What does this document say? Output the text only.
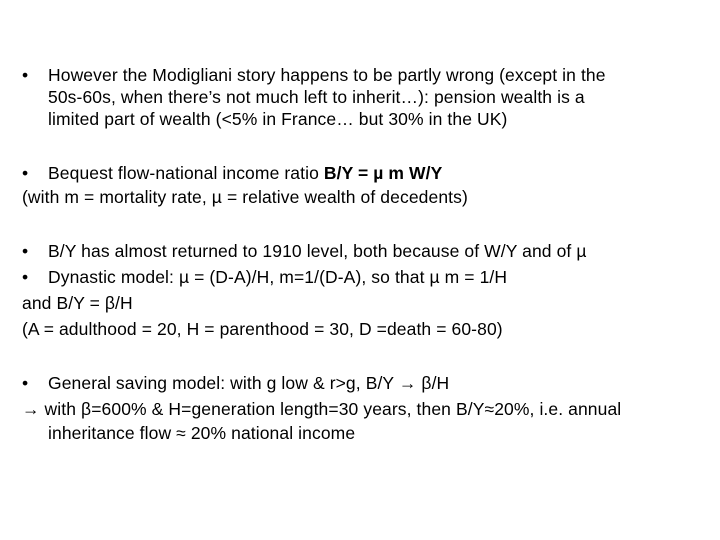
• However the Modigliani story happens to be partly wrong (except in the
50s-60s, when there’s not much left to inherit…): pension wealth is a
limited part of wealth (<5% in France… but 30% in the UK)
• Bequest flow-national income ratio B/Y = µ m W/Y
(with m = mortality rate, µ = relative wealth of decedents)
• B/Y has almost returned to 1910 level, both because of W/Y and of µ
• Dynastic model: µ = (D-A)/H, m=1/(D-A), so that µ m = 1/H
and B/Y = β/H
(A = adulthood = 20, H = parenthood = 30, D =death = 60-80)
• General saving model: with g low & r>g, B/Y → β/H
→ with β=600% & H=generation length=30 years, then B/Y≈20%, i.e. annual
inheritance flow ≈ 20% national income
